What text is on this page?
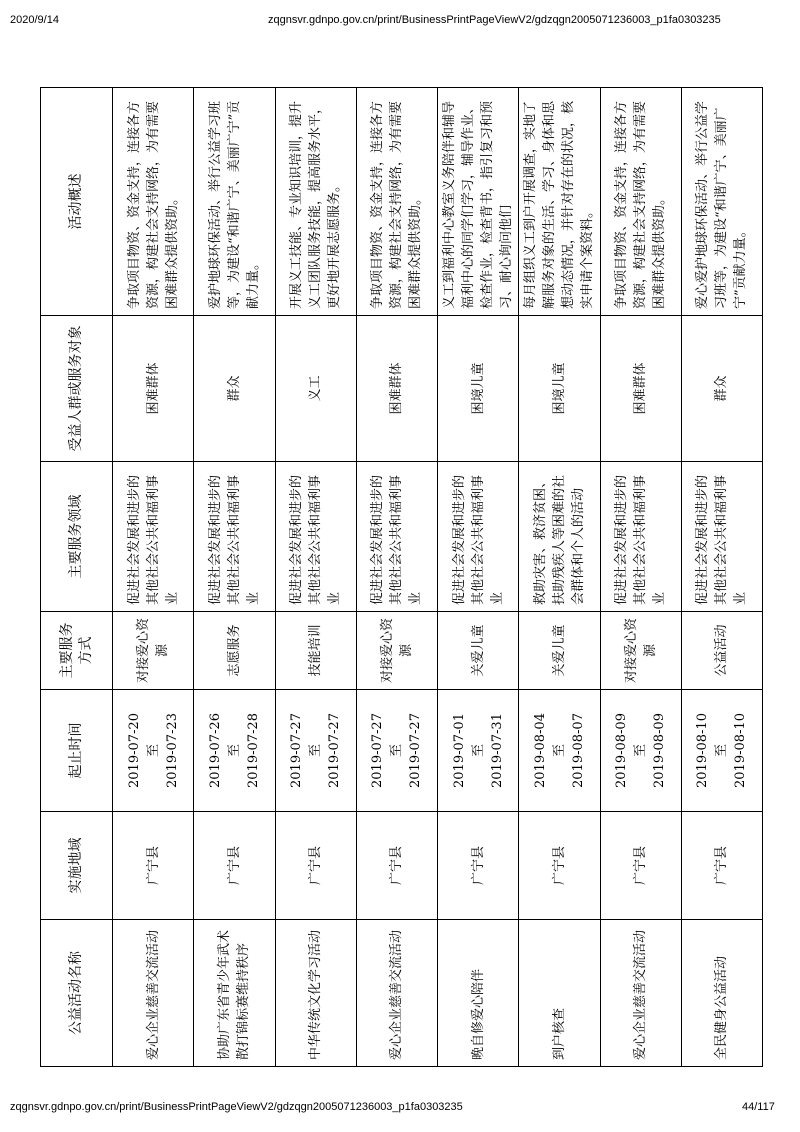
2020/9/14	zqgnsvr.gdnpo.gov.cn/print/BusinessPrintPageViewV2/gdzqgn2005071236003_p1fa0303235
公益活动名称	实施地域	起止时间	主要服务方式	主要服务领域	受益人群或服务对象	活动概述
爱心企业慈善交流活动	广宁县	2019-07-20 至 2019-07-23	对接爱心资源	促进社会发展和进步的其他社会公共和福利事业	困难群体	争取项目物资、资金支持，连接各方资源，构建社会支持网络，为有需要困难群众提供资助。
协助广东省青少年武术散打锦标赛维持秩序	广宁县	2019-07-26 至 2019-07-28	志愿服务	促进社会发展和进步的其他社会公共和福利事业	群众	爱护地球环保活动、举行公益学习班等，为建设“和谐广宁、美丽广宁”贡献力量。
中华传统文化学习活动	广宁县	2019-07-27 至 2019-07-27	技能培训	促进社会发展和进步的其他社会公共和福利事业	义工	开展义工技能、专业知识培训，提升义工团队服务技能，提高服务水平，更好地开展志愿服务。
爱心企业慈善交流活动	广宁县	2019-07-27 至 2019-07-27	对接爱心资源	促进社会发展和进步的其他社会公共和福利事业	困难群体	争取项目物资、资金支持，连接各方资源，构建社会支持网络，为有需要困难群众提供资助。
晚自修爱心陪伴	广宁县	2019-07-01 至 2019-07-31	关爱儿童	促进社会发展和进步的其他社会公共和福利事业	困境儿童	义工到福利中心教室义务陪伴和辅导福利中心的同学们学习，辅导作业、检查作业，检查背书，指引复习和预习、耐心询问他们
到户核查	广宁县	2019-08-04 至 2019-08-07	关爱儿童	救助灾害、救济贫困、扶助残疾人等困难的社会群体和个人的活动	困境儿童	每月组织义工到户开展调查，实地了解服务对象的生活、学习、身体和思想动态情况，并针对存在的状况，核实申请个案资料。
爱心企业慈善交流活动	广宁县	2019-08-09 至 2019-08-09	对接爱心资源	促进社会发展和进步的其他社会公共和福利事业	困难群体	争取项目物资、资金支持，连接各方资源，构建社会支持网络，为有需要困难群众提供资助。
全民健身公益活动	广宁县	2019-08-10 至 2019-08-10	公益活动	促进社会发展和进步的其他社会公共和福利事业	群众	爱心爱护地球环保活动、举行公益学习班等，为建设“和谐广宁、美丽广宁”贡献力量。
zqgnsvr.gdnpo.gov.cn/print/BusinessPrintPageViewV2/gdzqgn2005071236003_p1fa0303235	44/117
